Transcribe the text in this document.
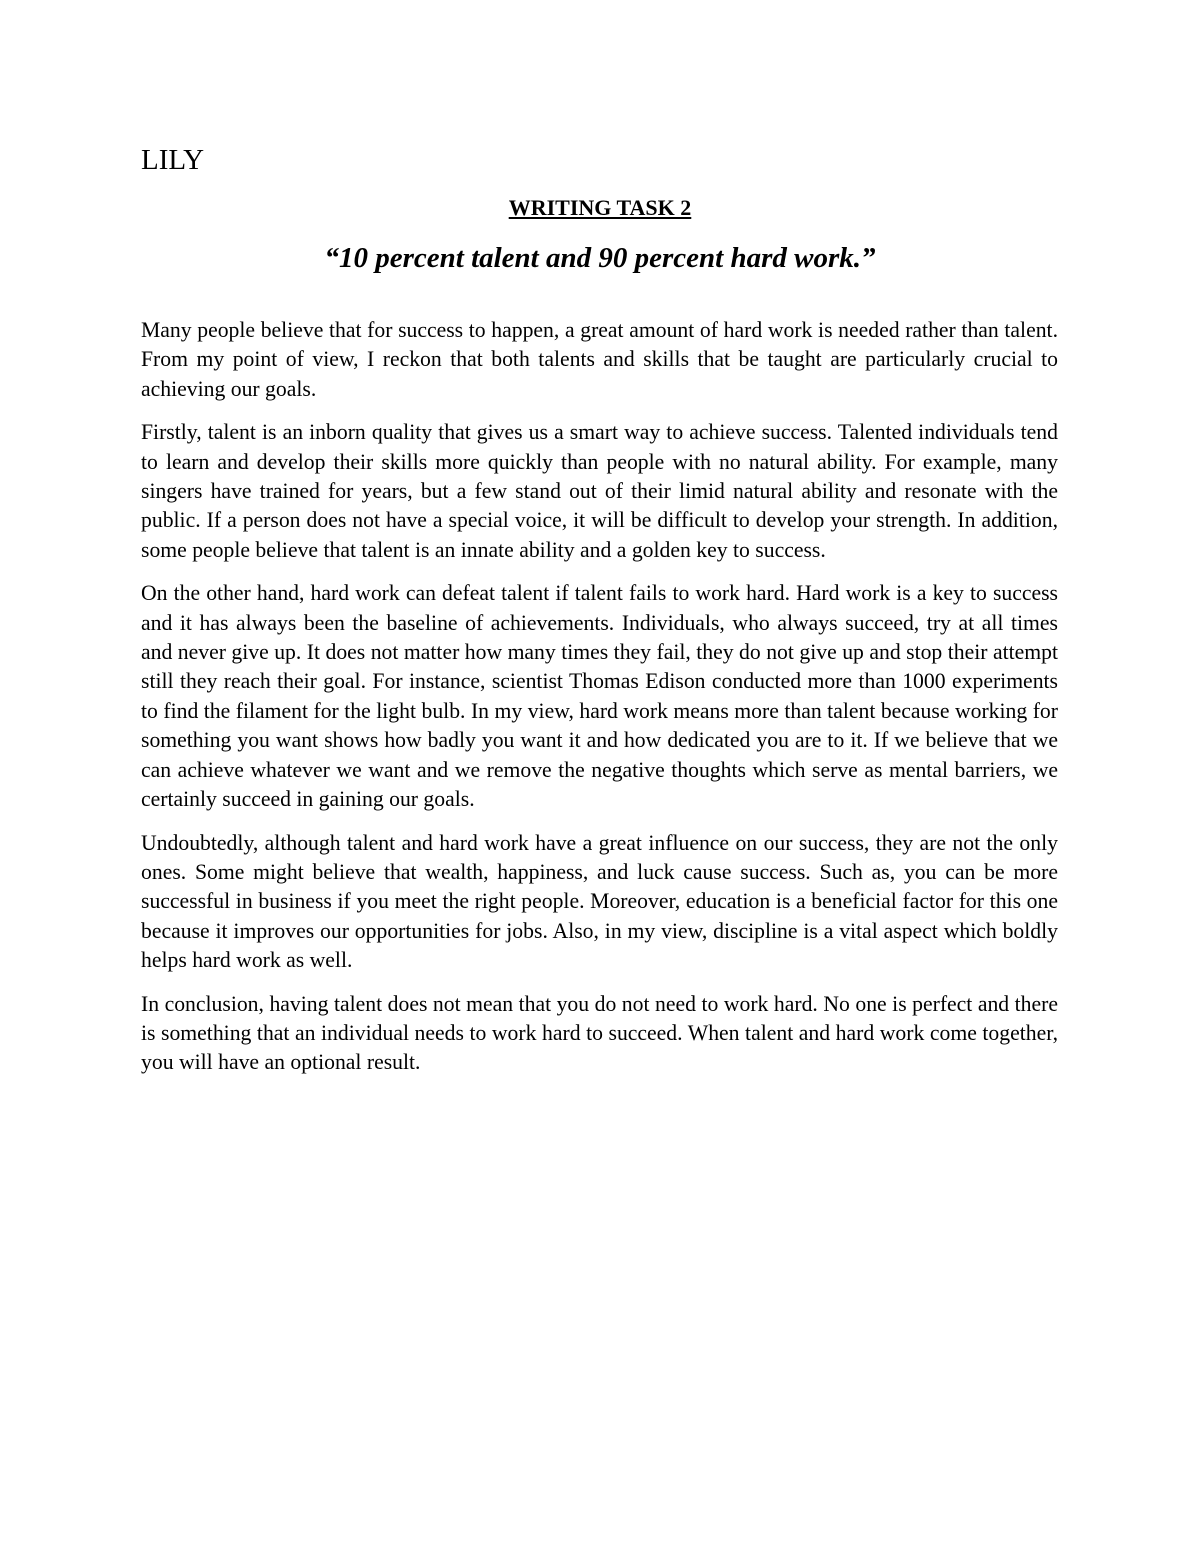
LILY
WRITING TASK 2
“10 percent talent and 90 percent hard work.”

Many people believe that for success to happen, a great amount of hard work is needed rather than talent. From my point of view, I reckon that both talents and skills that be taught are particularly crucial to achieving our goals.

Firstly, talent is an inborn quality that gives us a smart way to achieve success. Talented individuals tend to learn and develop their skills more quickly than people with no natural ability. For example, many singers have trained for years, but a few stand out of their limid natural ability and resonate with the public. If a person does not have a special voice, it will be difficult to develop your strength. In addition, some people believe that talent is an innate ability and a golden key to success.

On the other hand, hard work can defeat talent if talent fails to work hard. Hard work is a key to success and it has always been the baseline of achievements. Individuals, who always succeed, try at all times and never give up. It does not matter how many times they fail, they do not give up and stop their attempt still they reach their goal. For instance, scientist Thomas Edison conducted more than 1000 experiments to find the filament for the light bulb. In my view, hard work means more than talent because working for something you want shows how badly you want it and how dedicated you are to it. If we believe that we can achieve whatever we want and we remove the negative thoughts which serve as mental barriers, we certainly succeed in gaining our goals.

Undoubtedly, although talent and hard work have a great influence on our success, they are not the only ones. Some might believe that wealth, happiness, and luck cause success. Such as, you can be more successful in business if you meet the right people. Moreover, education is a beneficial factor for this one because it improves our opportunities for jobs. Also, in my view, discipline is a vital aspect which boldly helps hard work as well.

In conclusion, having talent does not mean that you do not need to work hard. No one is perfect and there is something that an individual needs to work hard to succeed. When talent and hard work come together, you will have an optional result.
